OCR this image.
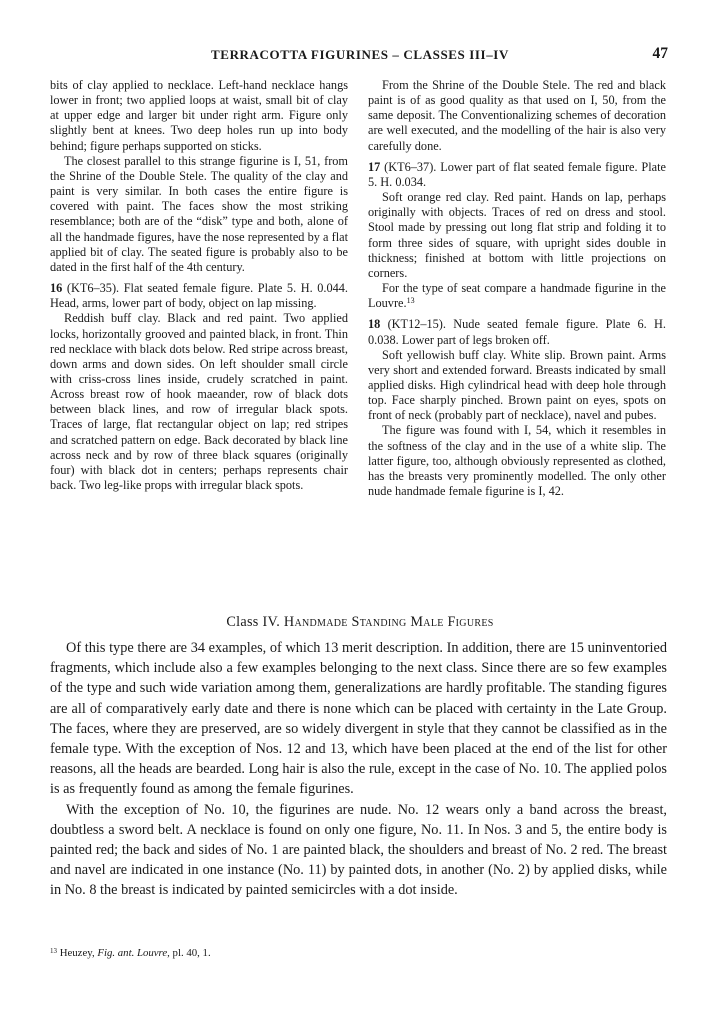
TERRACOTTA FIGURINES – CLASSES III–IV	47

bits of clay applied to necklace. Left-hand necklace hangs lower in front; two applied loops at waist, small bit of clay at upper edge and larger bit under right arm. Figure only slightly bent at knees. Two deep holes run up into body behind; figure perhaps supported on sticks.

The closest parallel to this strange figurine is I, 51, from the Shrine of the Double Stele. The quality of the clay and paint is very similar. In both cases the entire figure is covered with paint. The faces show the most striking resemblance; both are of the “disk” type and both, alone of all the handmade figures, have the nose represented by a flat applied bit of clay. The seated figure is probably also to be dated in the first half of the 4th century.

16 (KT6–35). Flat seated female figure. Plate 5. H. 0.044. Head, arms, lower part of body, object on lap missing.

Reddish buff clay. Black and red paint. Two applied locks, horizontally grooved and painted black, in front. Thin red necklace with black dots below. Red stripe across breast, down arms and down sides. On left shoulder small circle with criss-cross lines inside, crudely scratched in paint. Across breast row of hook maeander, row of black dots between black lines, and row of irregular black spots. Traces of large, flat rectangular object on lap; red stripes and scratched pattern on edge. Back decorated by black line across neck and by row of three black squares (originally four) with black dot in centers; perhaps represents chair back. Two leg-like props with irregular black spots.

From the Shrine of the Double Stele. The red and black paint is of as good quality as that used on I, 50, from the same deposit. The Conventionalizing schemes of decoration are well executed, and the modelling of the hair is also very carefully done.

17 (KT6–37). Lower part of flat seated female figure. Plate 5. H. 0.034.

Soft orange red clay. Red paint. Hands on lap, perhaps originally with objects. Traces of red on dress and stool. Stool made by pressing out long flat strip and folding it to form three sides of square, with upright sides double in thickness; finished at bottom with little projections on corners.

For the type of seat compare a handmade figurine in the Louvre.$^{13}$

18 (KT12–15). Nude seated female figure. Plate 6. H. 0.038. Lower part of legs broken off.

Soft yellowish buff clay. White slip. Brown paint. Arms very short and extended forward. Breasts indicated by small applied disks. High cylindrical head with deep hole through top. Face sharply pinched. Brown paint on eyes, spots on front of neck (probably part of necklace), navel and pubes.

The figure was found with I, 54, which it resembles in the softness of the clay and in the use of a white slip. The latter figure, too, although obviously represented as clothed, has the breasts very prominently modelled. The only other nude handmade female figurine is I, 42.

Class IV. Handmade Standing Male Figures

Of this type there are 34 examples, of which 13 merit description. In addition, there are 15 uninventoried fragments, which include also a few examples belonging to the next class. Since there are so few examples of the type and such wide variation among them, generalizations are hardly profitable. The standing figures are all of comparatively early date and there is none which can be placed with certainty in the Late Group. The faces, where they are preserved, are so widely divergent in style that they cannot be classified as in the female type. With the exception of Nos. 12 and 13, which have been placed at the end of the list for other reasons, all the heads are bearded. Long hair is also the rule, except in the case of No. 10. The applied polos is as frequently found as among the female figurines.

With the exception of No. 10, the figurines are nude. No. 12 wears only a band across the breast, doubtless a sword belt. A necklace is found on only one figure, No. 11. In Nos. 3 and 5, the entire body is painted red; the back and sides of No. 1 are painted black, the shoulders and breast of No. 2 red. The breast and navel are indicated in one instance (No. 11) by painted dots, in another (No. 2) by applied disks, while in No. 8 the breast is indicated by painted semicircles with a dot inside.

$^{13}$ Heuzey, Fig. ant. Louvre, pl. 40, 1.
